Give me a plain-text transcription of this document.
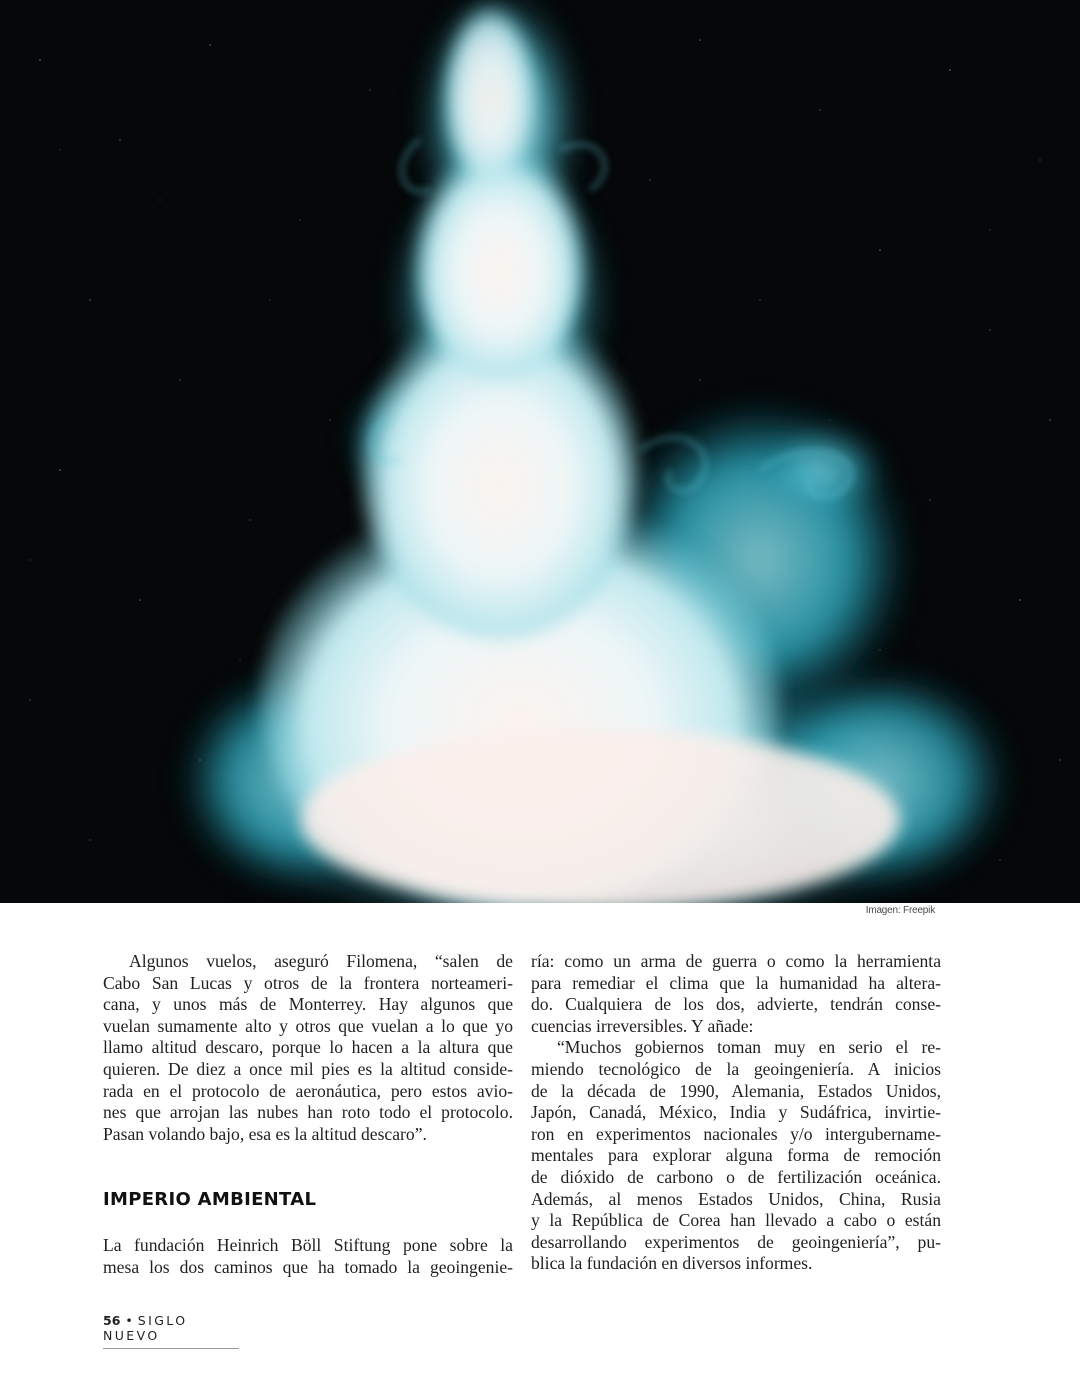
Imagen: Freepik
Algunos vuelos, aseguró Filomena, “salen de
Cabo San Lucas y otros de la frontera norteameri-
cana, y unos más de Monterrey. Hay algunos que
vuelan sumamente alto y otros que vuelan a lo que yo
llamo altitud descaro, porque lo hacen a la altura que
quieren. De diez a once mil pies es la altitud conside-
rada en el protocolo de aeronáutica, pero estos avio-
nes que arrojan las nubes han roto todo el protocolo.
Pasan volando bajo, esa es la altitud descaro”.
IMPERIO AMBIENTAL
La fundación Heinrich Böll Stiftung pone sobre la
mesa los dos caminos que ha tomado la geoingenie-
ría: como un arma de guerra o como la herramienta
para remediar el clima que la humanidad ha altera-
do. Cualquiera de los dos, advierte, tendrán conse-
cuencias irreversibles. Y añade:
“Muchos gobiernos toman muy en serio el re-
miendo tecnológico de la geoingeniería. A inicios
de la década de 1990, Alemania, Estados Unidos,
Japón, Canadá, México, India y Sudáfrica, invirtie-
ron en experimentos nacionales y/o intergubername-
mentales para explorar alguna forma de remoción
de dióxido de carbono o de fertilización oceánica.
Además, al menos Estados Unidos, China, Rusia
y la República de Corea han llevado a cabo o están
desarrollando experimentos de geoingeniería”, pu-
blica la fundación en diversos informes.
56 • SIGLO NUEVO
